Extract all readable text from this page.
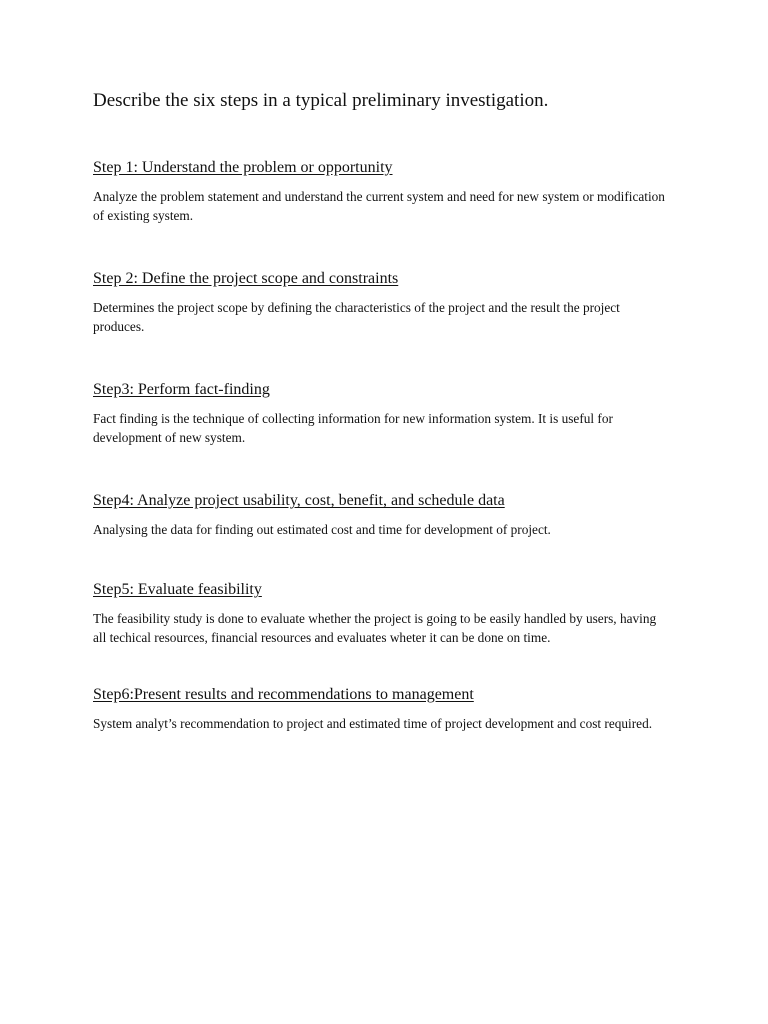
Describe the six steps in a typical preliminary investigation.
Step 1: Understand the problem or opportunity

Analyze the problem statement and understand the current system and need for new system or modification of existing system.

Step 2: Define the project scope and constraints

Determines the project scope by defining the characteristics of the project and the result the project produces.

Step3: Perform fact-finding

Fact finding is the technique of collecting information for new information system. It is useful for development of new system.

Step4: Analyze project usability, cost, benefit, and schedule data

Analysing the data for finding out estimated cost and time for development of project.

Step5: Evaluate feasibility

The feasibility study is done to evaluate whether the project is going to be easily handled by users, having all techical resources, financial resources and evaluates wheter it can be done on time.

Step6:Present results and recommendations to management

System analyt’s recommendation to project and estimated time of project development and cost required.
